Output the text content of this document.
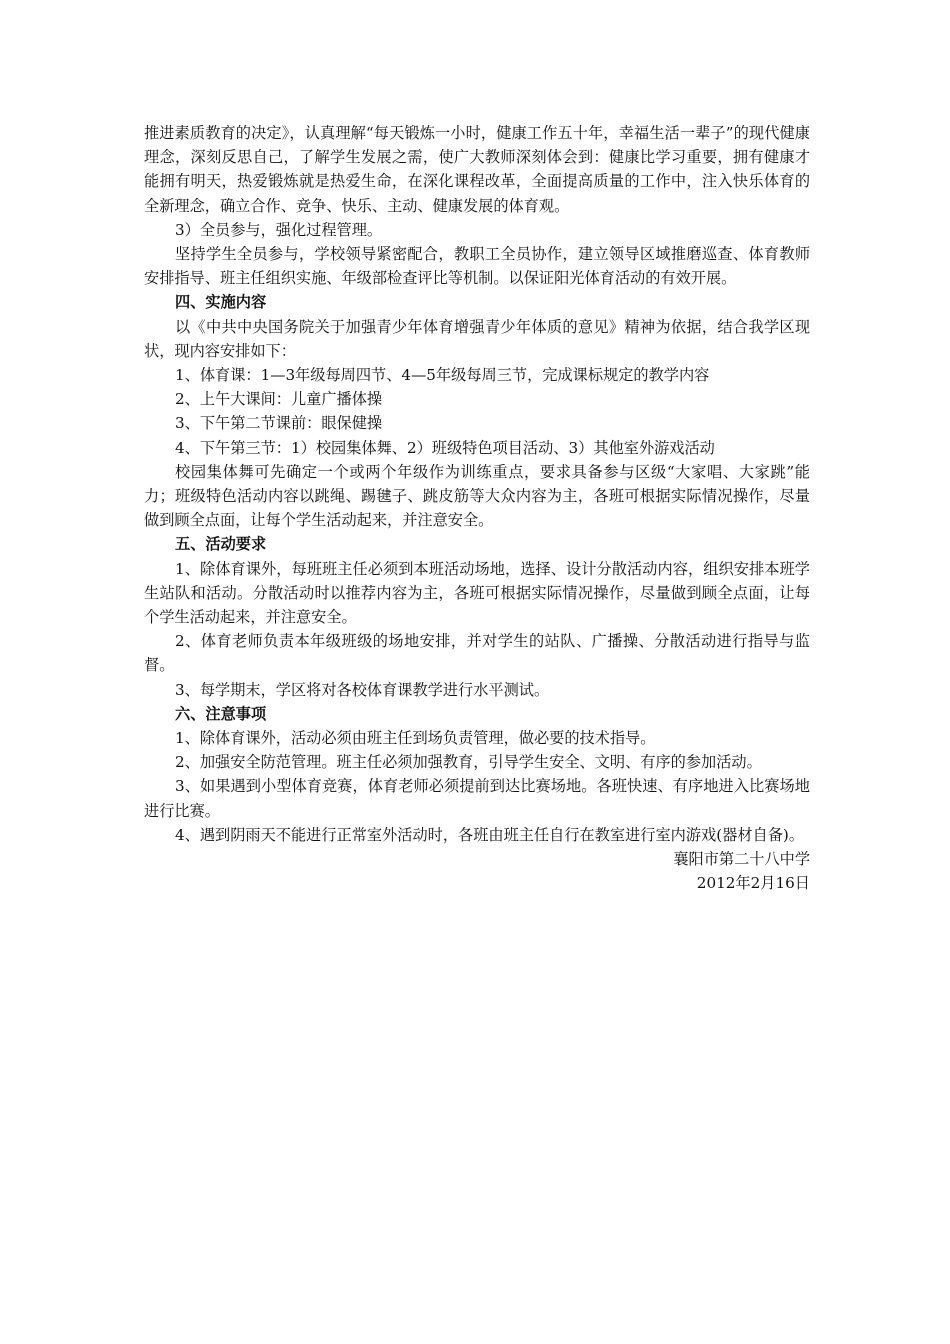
推进素质教育的决定》，认真理解“每天锻炼一小时，健康工作五十年，幸福生活一辈子”的现代健康理念，深刻反思自己，了解学生发展之需，使广大教师深刻体会到：健康比学习重要，拥有健康才能拥有明天，热爱锻炼就是热爱生命，在深化课程改革，全面提高质量的工作中，注入快乐体育的全新理念，确立合作、竞争、快乐、主动、健康发展的体育观。

3）全员参与，强化过程管理。

坚持学生全员参与，学校领导紧密配合，教职工全员协作，建立领导区域推磨巡查、体育教师安排指导、班主任组织实施、年级部检查评比等机制。以保证阳光体育活动的有效开展。

四、实施内容

以《中共中央国务院关于加强青少年体育增强青少年体质的意见》精神为依据，结合我学区现状，现内容安排如下：

1、体育课：1—3年级每周四节、4—5年级每周三节，完成课标规定的教学内容

2、上午大课间：儿童广播体操

3、下午第二节课前：眼保健操

4、下午第三节：1）校园集体舞、2）班级特色项目活动、3）其他室外游戏活动

校园集体舞可先确定一个或两个年级作为训练重点，要求具备参与区级“大家唱、大家跳”能力；班级特色活动内容以跳绳、踢毽子、跳皮筋等大众内容为主，各班可根据实际情况操作，尽量做到顾全点面，让每个学生活动起来，并注意安全。

五、活动要求

1、除体育课外，每班班主任必须到本班活动场地，选择、设计分散活动内容，组织安排本班学生站队和活动。分散活动时以推荐内容为主，各班可根据实际情况操作，尽量做到顾全点面，让每个学生活动起来，并注意安全。

2、体育老师负责本年级班级的场地安排，并对学生的站队、广播操、分散活动进行指导与监督。

3、每学期末，学区将对各校体育课教学进行水平测试。

六、注意事项

1、除体育课外，活动必须由班主任到场负责管理，做必要的技术指导。

2、加强安全防范管理。班主任必须加强教育，引导学生安全、文明、有序的参加活动。

3、如果遇到小型体育竞赛，体育老师必须提前到达比赛场地。各班快速、有序地进入比赛场地进行比赛。

4、遇到阴雨天不能进行正常室外活动时，各班由班主任自行在教室进行室内游戏(器材自备)。

襄阳市第二十八中学

2012年2月16日
